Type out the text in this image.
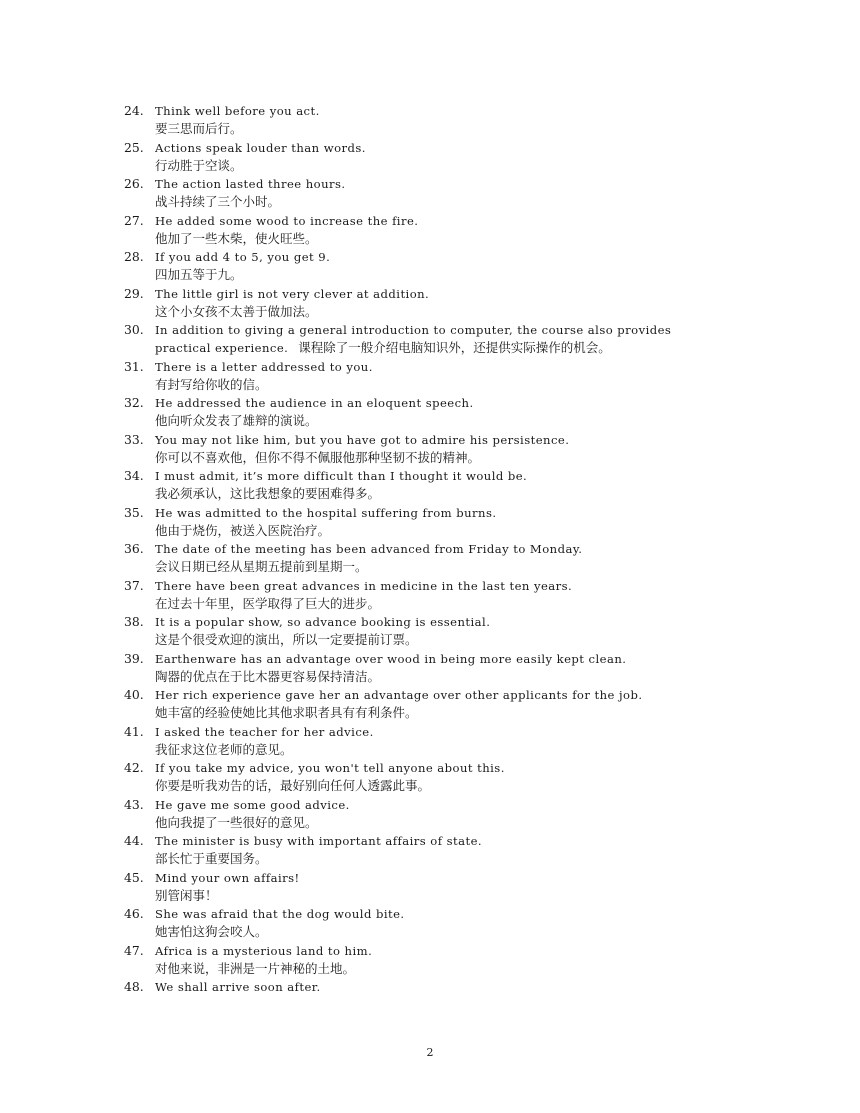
24. Think well before you act.
要三思而后行。
25. Actions speak louder than words.
行动胜于空谈。
26. The action lasted three hours.
战斗持续了三个小时。
27. He added some wood to increase the fire.
他加了一些木柴，使火旺些。
28. If you add 4 to 5, you get 9.
四加五等于九。
29. The little girl is not very clever at addition.
这个小女孩不太善于做加法。
30. In addition to giving a general introduction to computer, the course also provides
practical experience. 课程除了一般介绍电脑知识外，还提供实际操作的机会。
31. There is a letter addressed to you.
有封写给你收的信。
32. He addressed the audience in an eloquent speech.
他向听众发表了雄辩的演说。
33. You may not like him, but you have got to admire his persistence.
你可以不喜欢他，但你不得不佩服他那种坚韧不拔的精神。
34. I must admit, it’s more difficult than I thought it would be.
我必须承认，这比我想象的要困难得多。
35. He was admitted to the hospital suffering from burns.
他由于烧伤，被送入医院治疗。
36. The date of the meeting has been advanced from Friday to Monday.
会议日期已经从星期五提前到星期一。
37. There have been great advances in medicine in the last ten years.
在过去十年里，医学取得了巨大的进步。
38. It is a popular show, so advance booking is essential.
这是个很受欢迎的演出，所以一定要提前订票。
39. Earthenware has an advantage over wood in being more easily kept clean.
陶器的优点在于比木器更容易保持清洁。
40. Her rich experience gave her an advantage over other applicants for the job.
她丰富的经验使她比其他求职者具有有利条件。
41. I asked the teacher for her advice.
我征求这位老师的意见。
42. If you take my advice, you won't tell anyone about this.
你要是听我劝告的话，最好别向任何人透露此事。
43. He gave me some good advice.
他向我提了一些很好的意见。
44. The minister is busy with important affairs of state.
部长忙于重要国务。
45. Mind your own affairs!
别管闲事！
46. She was afraid that the dog would bite.
她害怕这狗会咬人。
47. Africa is a mysterious land to him.
对他来说，非洲是一片神秘的土地。
48. We shall arrive soon after.
2
